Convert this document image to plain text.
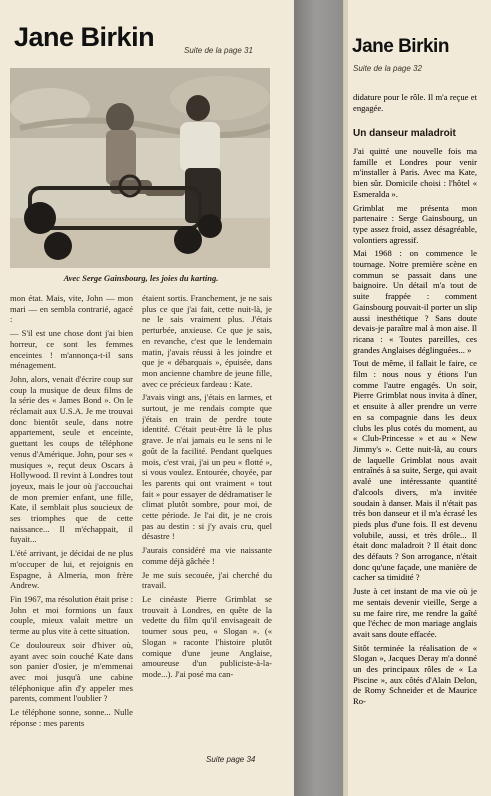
Jane Birkin	Suite de la page 31
Avec Serge Gainsbourg, les joies du karting.

mon état. Mais, vite, John — mon mari — en sembla contrarié, agacé :

— S'il est une chose dont j'ai bien horreur, ce sont les femmes enceintes ! m'annonça-t-il sans ménagement.

John, alors, venait d'écrire coup sur coup la musique de deux films de la série des « James Bond ». On le réclamait aux U.S.A. Je me trouvai donc bientôt seule, dans notre appartement, seule et enceinte, guettant les coups de téléphone venus d'Amérique. John, pour ses « musiques », reçut deux Oscars à Hollywood. Il revint à Londres tout joyeux, mais le jour où j'accouchai de mon premier enfant, une fille, Kate, il semblait plus soucieux de ses triomphes que de cette naissance... Il m'échappait, il fuyait...

L'été arrivant, je décidai de ne plus m'occuper de lui, et rejoignis en Espagne, à Almeria, mon frère Andrew.

Fin 1967, ma résolution était prise : John et moi formions un faux couple, mieux valait mettre un terme au plus vite à cette situation.

Ce douloureux soir d'hiver où, ayant avec soin couché Kate dans son panier d'osier, je m'emmenai avec moi jusqu'à une cabine téléphonique afin d'y appeler mes parents, comment l'oublier ?

Le téléphone sonne, sonne... Nulle réponse : mes parents

étaient sortis. Franchement, je ne sais plus ce que j'ai fait, cette nuit-là, je ne le sais vraiment plus. J'étais perturbée, anxieuse. Ce que je sais, en revanche, c'est que le lendemain matin, j'avais réussi à les joindre et que je « débarquais », épuisée, dans mon ancienne chambre de jeune fille, avec ce précieux fardeau : Kate.

J'avais vingt ans, j'étais en larmes, et surtout, je me rendais compte que j'étais en train de perdre toute identité. C'était peut-être là le plus grave. Je n'ai jamais eu le sens ni le goût de la facilité. Pendant quelques mois, c'est vrai, j'ai un peu « flotté », si vous voulez. Entourée, choyée, par les parents qui ont vraiment « tout fait » pour essayer de dédramatiser le climat plutôt sombre, pour moi, de cette période. Je l'ai dit, je ne crois pas au destin : si j'y avais cru, quel désastre !

J'aurais considéré ma vie naissante comme déjà gâchée !

Je me suis secouée, j'ai cherché du travail.

Le cinéaste Pierre Grimblat se trouvait à Londres, en quête de la vedette du film qu'il envisageait de tourner sous peu, « Slogan ». (« Slogan » raconte l'histoire plutôt comique d'une jeune Anglaise, amoureuse d'un publiciste-à-la-mode...). J'ai posé ma can-

Suite page 34
Jane Birkin
Suite de la page 32

didature pour le rôle. Il m'a reçue et engagée.

Un danseur maladroit

J'ai quitté une nouvelle fois ma famille et Londres pour venir m'installer à Paris. Avec ma Kate, bien sûr. Domicile choisi : l'hôtel « Esmeralda ».

Grimblat me présenta mon partenaire : Serge Gainsbourg, un type assez froid, assez désagréable, volontiers agressif.

Mai 1968 : on commence le tournage. Notre première scène en commun se passait dans une baignoire. Un détail m'a tout de suite frappée : comment Gainsbourg pouvait-il porter un slip aussi inesthétique ? Sans doute devais-je paraître mal à mon aise. Il ricana : « Toutes pareilles, ces grandes Anglaises déglinguées... »

Tout de même, il fallait le faire, ce film : nous nous y étions l'un comme l'autre engagés. Un soir, Pierre Grimblat nous invita à dîner, et ensuite à aller prendre un verre en sa compagnie dans les deux clubs les plus cotés du moment, au « Club-Princesse » et au « New Jimmy's ». Cette nuit-là, au cours de laquelle Grimblat nous avait entraînés à sa suite, Serge, qui avait avalé une intéressante quantité d'alcools divers, m'a invitée soudain à danser. Mais il n'était pas très bon danseur et il m'a écrasé les pieds plus d'une fois. Il est devenu volubile, aussi, et très drôle... Il était donc maladroit ? Il était donc des défauts ? Son arrogance, n'était donc qu'une façade, une manière de cacher sa timidité ?

Juste à cet instant de ma vie où je me sentais devenir vieille, Serge a su me faire rire, me rendre la gaîté que l'échec de mon mariage anglais avait sans doute effacée.

Sitôt terminée la réalisation de « Slogan », Jacques Deray m'a donné un des principaux rôles de « La Piscine », aux côtés d'Alain Delon, de Romy Schneider et de Maurice Ro-
